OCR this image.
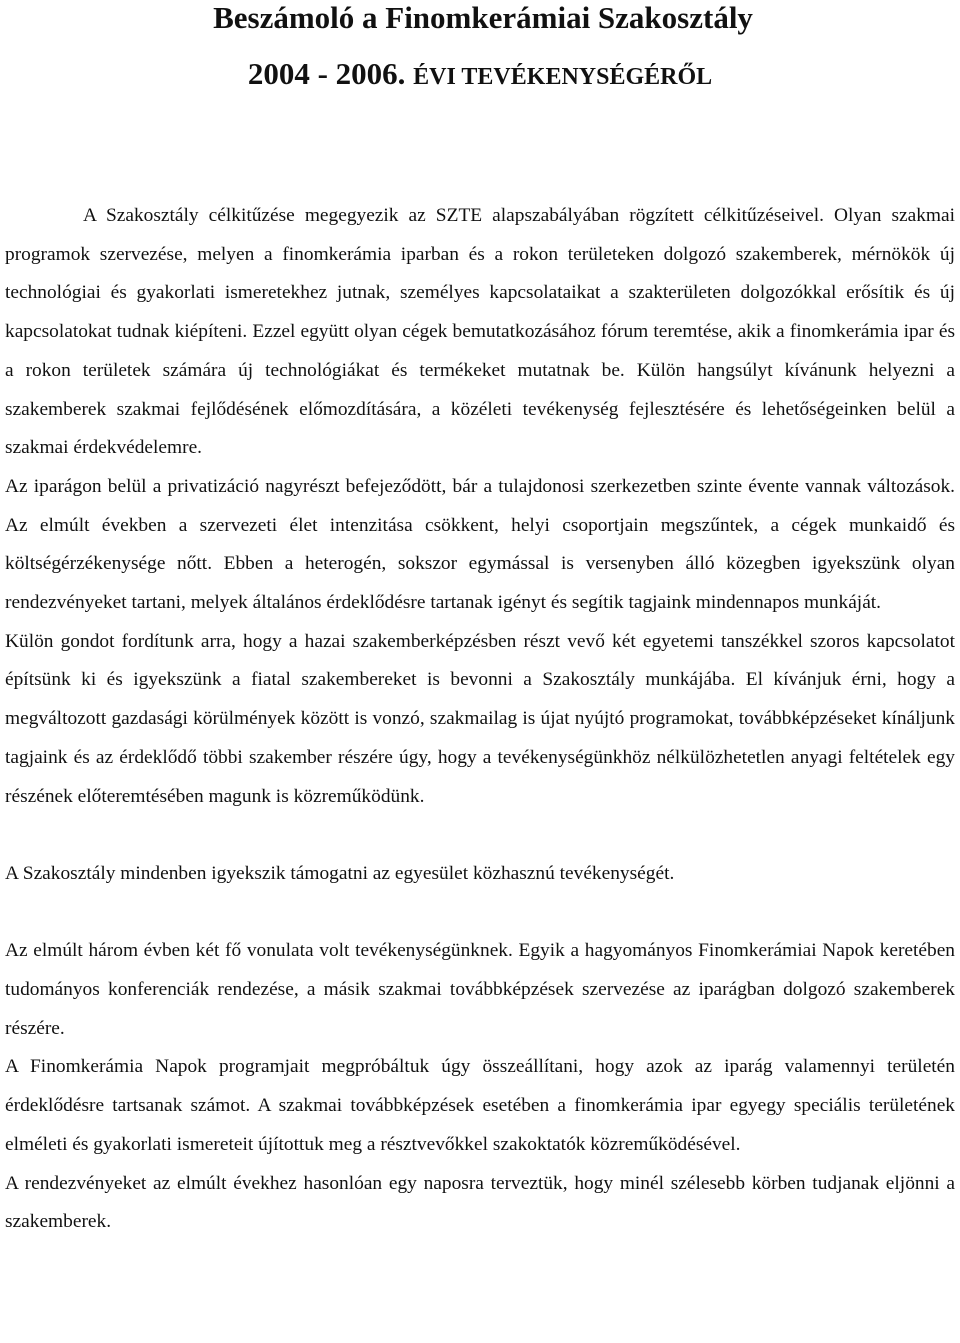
Beszámoló a Finomkerámiai Szakosztály
2004 - 2006. ÉVI TEVÉKENYSÉGÉRŐL

A Szakosztály célkitűzése megegyezik az SZTE alapszabályában rögzített célkitűzéseivel. Olyan szakmai programok szervezése, melyen a finomkerámia iparban és a rokon területeken dolgozó szakemberek, mérnökök új technológiai és gyakorlati ismeretekhez jutnak, személyes kapcsolataikat a szakterületen dolgozókkal erősítik és új kapcsolatokat tudnak kiépíteni. Ezzel együtt olyan cégek bemutatkozásához fórum teremtése, akik a finomkerámia ipar és a rokon területek számára új technológiákat és termékeket mutatnak be. Külön hangsúlyt kívánunk helyezni a szakemberek szakmai fejlődésének előmozdítására, a közéleti tevékenység fejlesztésére és lehetőségeinken belül a szakmai érdekvédelemre.

Az iparágon belül a privatizáció nagyrészt befejeződött, bár a tulajdonosi szerkezetben szinte évente vannak változások. Az elmúlt években a szervezeti élet intenzitása csökkent, helyi csoportjain megszűntek, a cégek munkaidő és költségérzékenysége nőtt. Ebben a heterogén, sokszor egymással is versenyben álló közegben igyekszünk olyan rendezvényeket tartani, melyek általános érdeklődésre tartanak igényt és segítik tagjaink mindennapos munkáját.

Külön gondot fordítunk arra, hogy a hazai szakemberképzésben részt vevő két egyetemi tanszékkel szoros kapcsolatot építsünk ki és igyekszünk a fiatal szakembereket is bevonni a Szakosztály munkájába. El kívánjuk érni, hogy a megváltozott gazdasági körülmények között is vonzó, szakmailag is újat nyújtó programokat, továbbképzéseket kínáljunk tagjaink és az érdeklődő többi szakember részére úgy, hogy a tevékenységünkhöz nélkülözhetetlen anyagi feltételek egy részének előteremtésében magunk is közreműködünk.

A Szakosztály mindenben igyekszik támogatni az egyesület közhasznú tevékenységét.

Az elmúlt három évben két fő vonulata volt tevékenységünknek. Egyik a hagyományos Finomkerámiai Napok keretében tudományos konferenciák rendezése, a másik szakmai továbbképzések szervezése az iparágban dolgozó szakemberek részére.

A Finomkerámia Napok programjait megpróbáltuk úgy összeállítani, hogy azok az iparág valamennyi területén érdeklődésre tartsanak számot. A szakmai továbbképzések esetében a finomkerámia ipar egyegy speciális területének elméleti és gyakorlati ismereteit újítottuk meg a résztvevőkkel szakoktatók közreműködésével.

A rendezvényeket az elmúlt évekhez hasonlóan egy naposra terveztük, hogy minél szélesebb körben tudjanak eljönni a szakemberek.
